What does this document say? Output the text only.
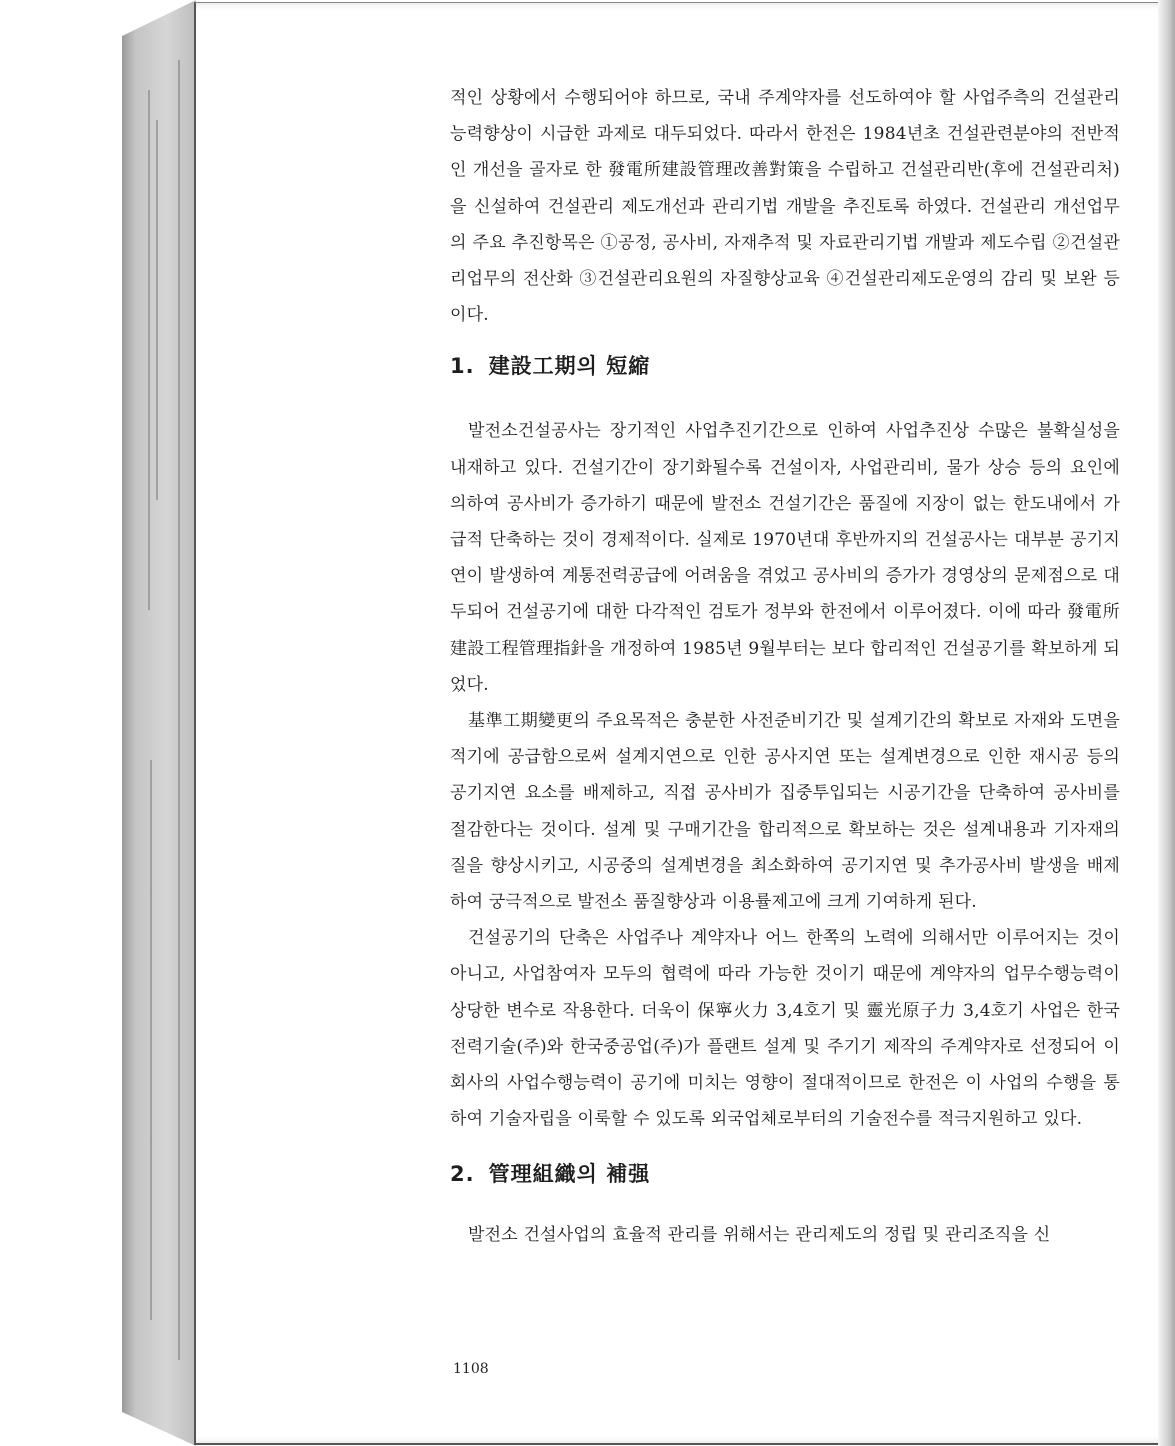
적인 상황에서 수행되어야 하므로, 국내 주계약자를 선도하여야 할 사업주측의 건설관리능력향상이 시급한 과제로 대두되었다. 따라서 한전은 1984년초 건설관련분야의 전반적인 개선을 골자로 한 發電所建設管理改善對策을 수립하고 건설관리반(후에 건설관리처)을 신설하여 건설관리 제도개선과 관리기법 개발을 추진토록 하였다. 건설관리 개선업무의 주요 추진항목은 ①공정, 공사비, 자재추적 및 자료관리기법 개발과 제도수립 ②건설관리업무의 전산화 ③건설관리요원의 자질향상교육 ④건설관리제도운영의 감리 및 보완 등이다.

1. 建設工期의 短縮

발전소건설공사는 장기적인 사업추진기간으로 인하여 사업추진상 수많은 불확실성을 내재하고 있다. 건설기간이 장기화될수록 건설이자, 사업관리비, 물가 상승 등의 요인에 의하여 공사비가 증가하기 때문에 발전소 건설기간은 품질에 지장이 없는 한도내에서 가급적 단축하는 것이 경제적이다. 실제로 1970년대 후반까지의 건설공사는 대부분 공기지연이 발생하여 계통전력공급에 어려움을 겪었고 공사비의 증가가 경영상의 문제점으로 대두되어 건설공기에 대한 다각적인 검토가 정부와 한전에서 이루어졌다. 이에 따라 發電所建設工程管理指針을 개정하여 1985년 9월부터는 보다 합리적인 건설공기를 확보하게 되었다.

基準工期變更의 주요목적은 충분한 사전준비기간 및 설계기간의 확보로 자재와 도면을 적기에 공급함으로써 설계지연으로 인한 공사지연 또는 설계변경으로 인한 재시공 등의 공기지연 요소를 배제하고, 직접 공사비가 집중투입되는 시공기간을 단축하여 공사비를 절감한다는 것이다. 설계 및 구매기간을 합리적으로 확보하는 것은 설계내용과 기자재의 질을 향상시키고, 시공중의 설계변경을 최소화하여 공기지연 및 추가공사비 발생을 배제하여 궁극적으로 발전소 품질향상과 이용률제고에 크게 기여하게 된다.

건설공기의 단축은 사업주나 계약자나 어느 한쪽의 노력에 의해서만 이루어지는 것이 아니고, 사업참여자 모두의 협력에 따라 가능한 것이기 때문에 계약자의 업무수행능력이 상당한 변수로 작용한다. 더욱이 保寧火力 3,4호기 및 靈光原子力 3,4호기 사업은 한국전력기술(주)와 한국중공업(주)가 플랜트 설계 및 주기기 제작의 주계약자로 선정되어 이 회사의 사업수행능력이 공기에 미치는 영향이 절대적이므로 한전은 이 사업의 수행을 통하여 기술자립을 이룩할 수 있도록 외국업체로부터의 기술전수를 적극지원하고 있다.

2. 管理組織의 補强

발전소 건설사업의 효율적 관리를 위해서는 관리제도의 정립 및 관리조직을 신

1108
